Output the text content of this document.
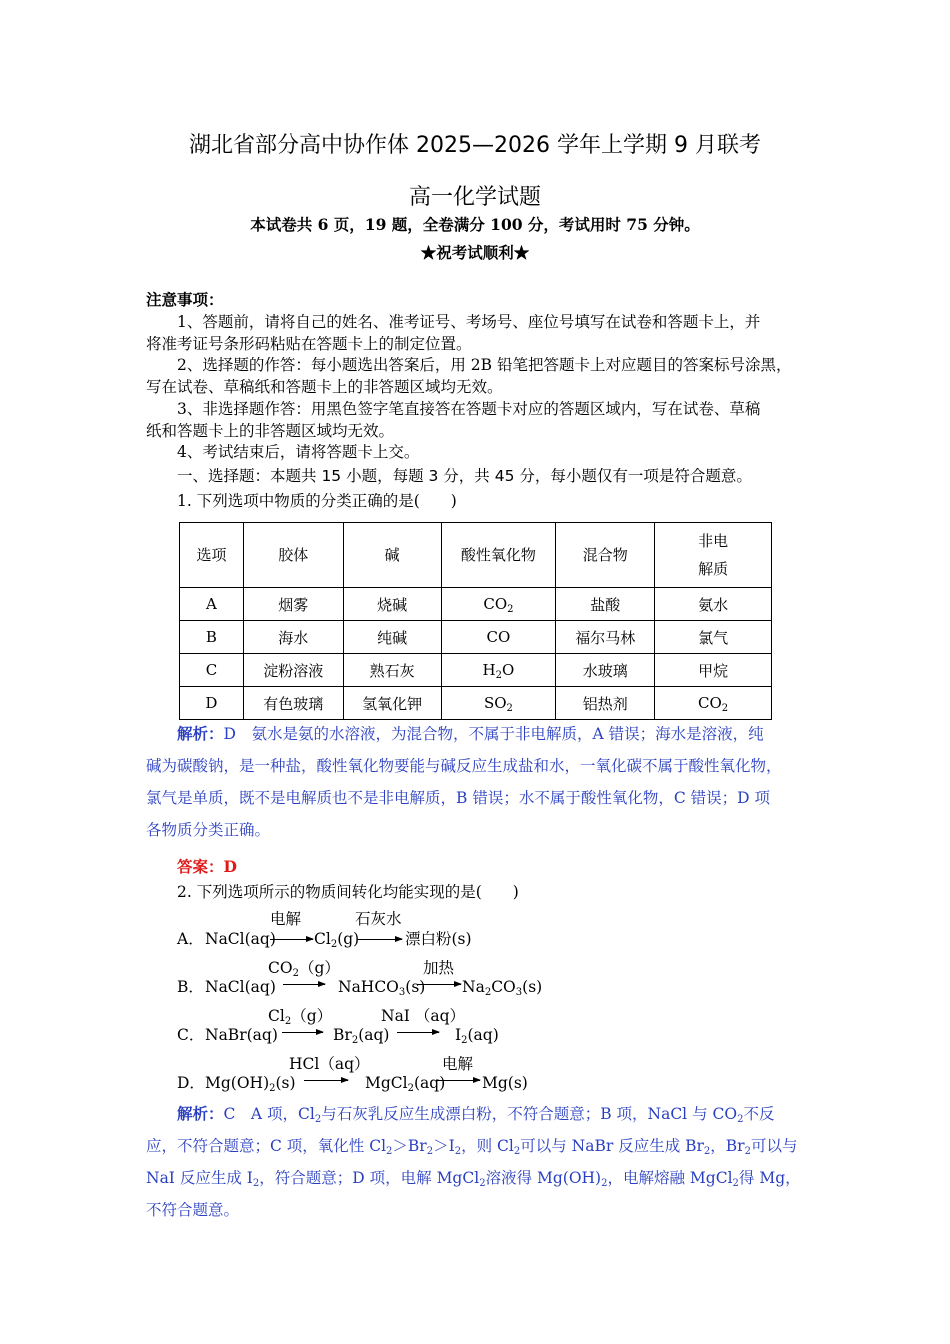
湖北省部分高中协作体 2025—2026 学年上学期 9 月联考
高一化学试题
本试卷共 6 页，19 题，全卷满分 100 分，考试用时 75 分钟。
★祝考试顺利★
注意事项：
1、答题前，请将自己的姓名、准考证号、考场号、座位号填写在试卷和答题卡上，并
将准考证号条形码粘贴在答题卡上的制定位置。
2、选择题的作答：每小题选出答案后，用 2B 铅笔把答题卡上对应题目的答案标号涂黑，
写在试卷、草稿纸和答题卡上的非答题区域均无效。
3、非选择题作答：用黑色签字笔直接答在答题卡对应的答题区域内，写在试卷、草稿
纸和答题卡上的非答题区域均无效。
4、考试结束后，请将答题卡上交。
一、选择题：本题共 15 小题，每题 3 分，共 45 分，每小题仅有一项是符合题意。
1. 下列选项中物质的分类正确的是(　　)
选项	胶体	碱	酸性氧化物	混合物	非电
解质
A	烟雾	烧碱	$CO_2$	盐酸	氨水
B	海水	纯碱	CO	福尔马林	氯气
C	淀粉溶液	熟石灰	$H_2O$	水玻璃	甲烷
D	有色玻璃	氢氧化钾	$SO_2$	铝热剂	$CO_2$
解析：D　氨水是氨的水溶液，为混合物，不属于非电解质，A 错误；海水是溶液，纯
碱为碳酸钠，是一种盐，酸性氧化物要能与碱反应生成盐和水，一氧化碳不属于酸性氧化物，
氯气是单质，既不是电解质也不是非电解质，B 错误；水不属于酸性氧化物，C 错误；D 项
各物质分类正确。
答案：D
2. 下列选项所示的物质间转化均能实现的是(　　)
电解	石灰水
A． NaCl(aq) → $Cl_2(g)$ → 漂白粉(s)
$CO_2(g)$	加热
B． NaCl(aq) → NaHCO$_3$(s) → $Na_2CO_3(s)$
$Cl_2(g)$	NaI （aq）
C． NaBr(aq) → $Br_2(aq) \to I_2(aq)$
HCl（aq）	电解
D． $Mg(OH)_2(s)$ → MgCl$_2$(aq) → Mg(s)
解析：C　A 项，$Cl_2$与石灰乳反应生成漂白粉，不符合题意；B 项，NaCl 与 $CO_2$不反
应，不符合题意；C 项，氧化性 $Cl_2>Br_2>I_2$，则 $Cl_2$可以与 NaBr 反应生成 $Br_2$，$Br_2$可以与
NaI 反应生成 $I_2$，符合题意；D 项，电解 MgCl$_2$溶液得 $Mg(OH)_2$，电解熔融 MgCl$_2$得 Mg，
不符合题意。
